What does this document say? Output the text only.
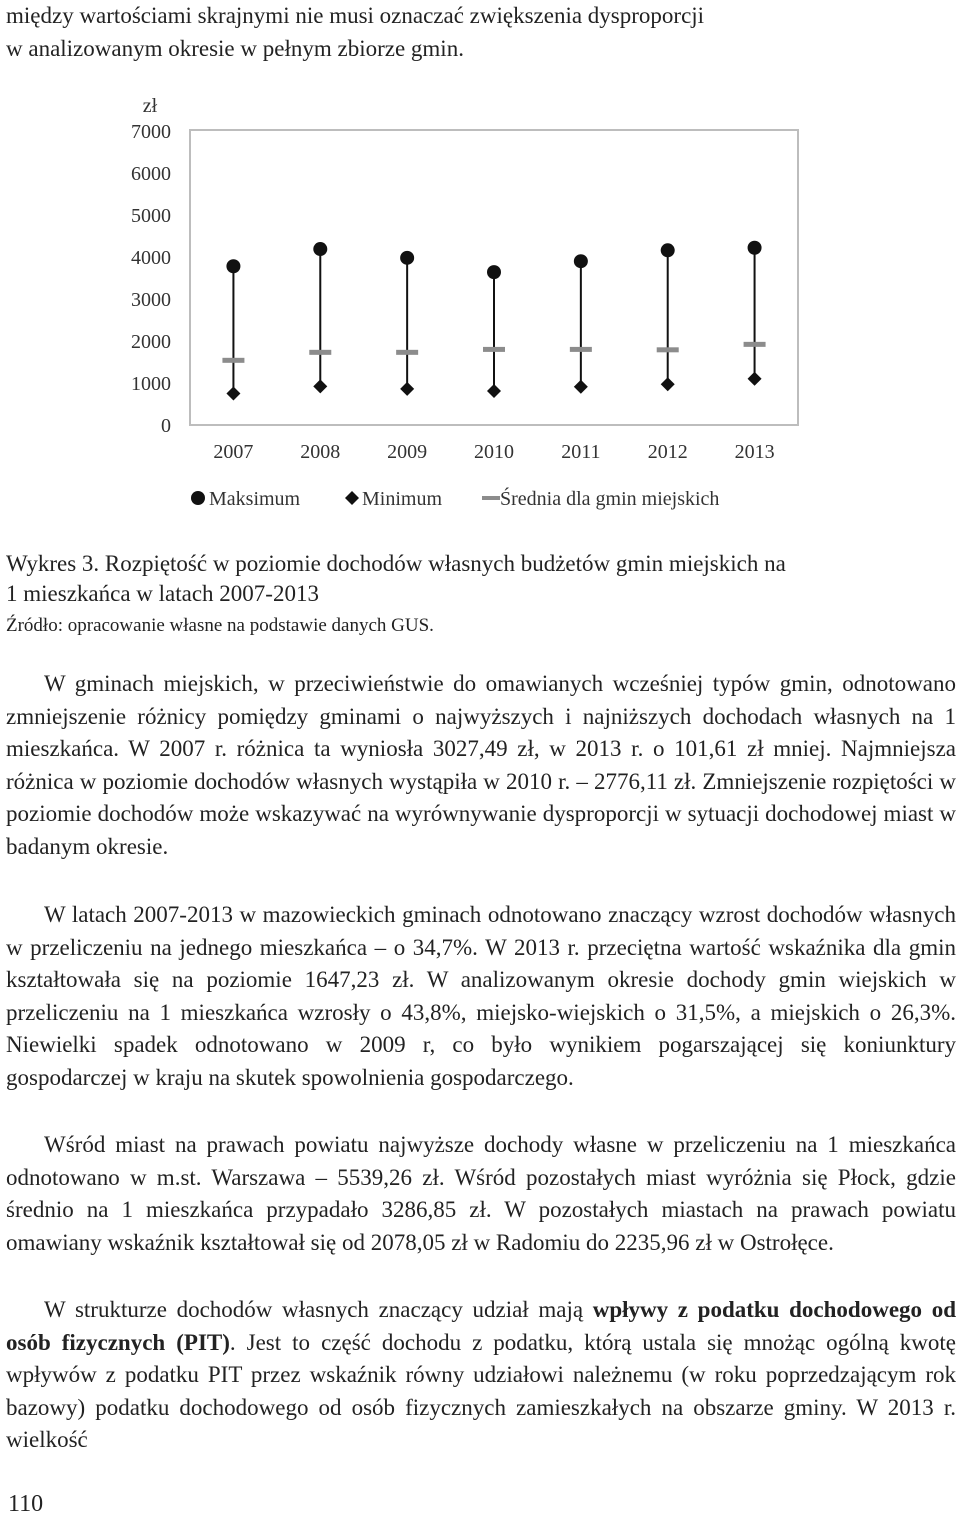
między wartościami skrajnymi nie musi oznaczać zwiększenia dysproporcji
w analizowanym okresie w pełnym zbiorze gmin.

zł
0
1000
2000
3000
4000
5000
6000
7000
2007 2008 2009 2010 2011 2012 2013
Maksimum	Minimum	Średnia dla gmin miejskich

Wykres 3. Rozpiętość w poziomie dochodów własnych budżetów gmin miejskich na
1 mieszkańca w latach 2007-2013

Źródło: opracowanie własne na podstawie danych GUS.

W gminach miejskich, w przeciwieństwie do omawianych wcześniej typów gmin, odnotowano zmniejszenie różnicy pomiędzy gminami o najwyższych i najniższych dochodach własnych na 1 mieszkańca. W 2007 r. różnica ta wyniosła 3027,49 zł, w 2013 r. o 101,61 zł mniej. Najmniejsza różnica w poziomie dochodów własnych wystąpiła w 2010 r. – 2776,11 zł. Zmniejszenie rozpiętości w poziomie dochodów może wskazywać na wyrównywanie dysproporcji w sytuacji dochodowej miast w badanym okresie.

W latach 2007-2013 w mazowieckich gminach odnotowano znaczący wzrost dochodów własnych w przeliczeniu na jednego mieszkańca – o 34,7%. W 2013 r. przeciętna wartość wskaźnika dla gmin kształtowała się na poziomie 1647,23 zł. W analizowanym okresie dochody gmin wiejskich w przeliczeniu na 1 mieszkańca wzrosły o 43,8%, miejsko-wiejskich o 31,5%, a miejskich o 26,3%. Niewielki spadek odnotowano w 2009 r, co było wynikiem pogarszającej się koniunktury gospodarczej w kraju na skutek spowolnienia gospodarczego.

Wśród miast na prawach powiatu najwyższe dochody własne w przeliczeniu na 1 mieszkańca odnotowano w m.st. Warszawa – 5539,26 zł. Wśród pozostałych miast wyróżnia się Płock, gdzie średnio na 1 mieszkańca przypadało 3286,85 zł. W pozostałych miastach na prawach powiatu omawiany wskaźnik kształtował się od 2078,05 zł w Radomiu do 2235,96 zł w Ostrołęce.

W strukturze dochodów własnych znaczący udział mają wpływy z podatku dochodowego od osób fizycznych (PIT). Jest to część dochodu z podatku, którą ustala się mnożąc ogólną kwotę wpływów z podatku PIT przez wskaźnik równy udziałowi należnemu (w roku poprzedzającym rok bazowy) podatku dochodowego od osób fizycznych zamieszkałych na obszarze gminy. W 2013 r. wielkość

110
